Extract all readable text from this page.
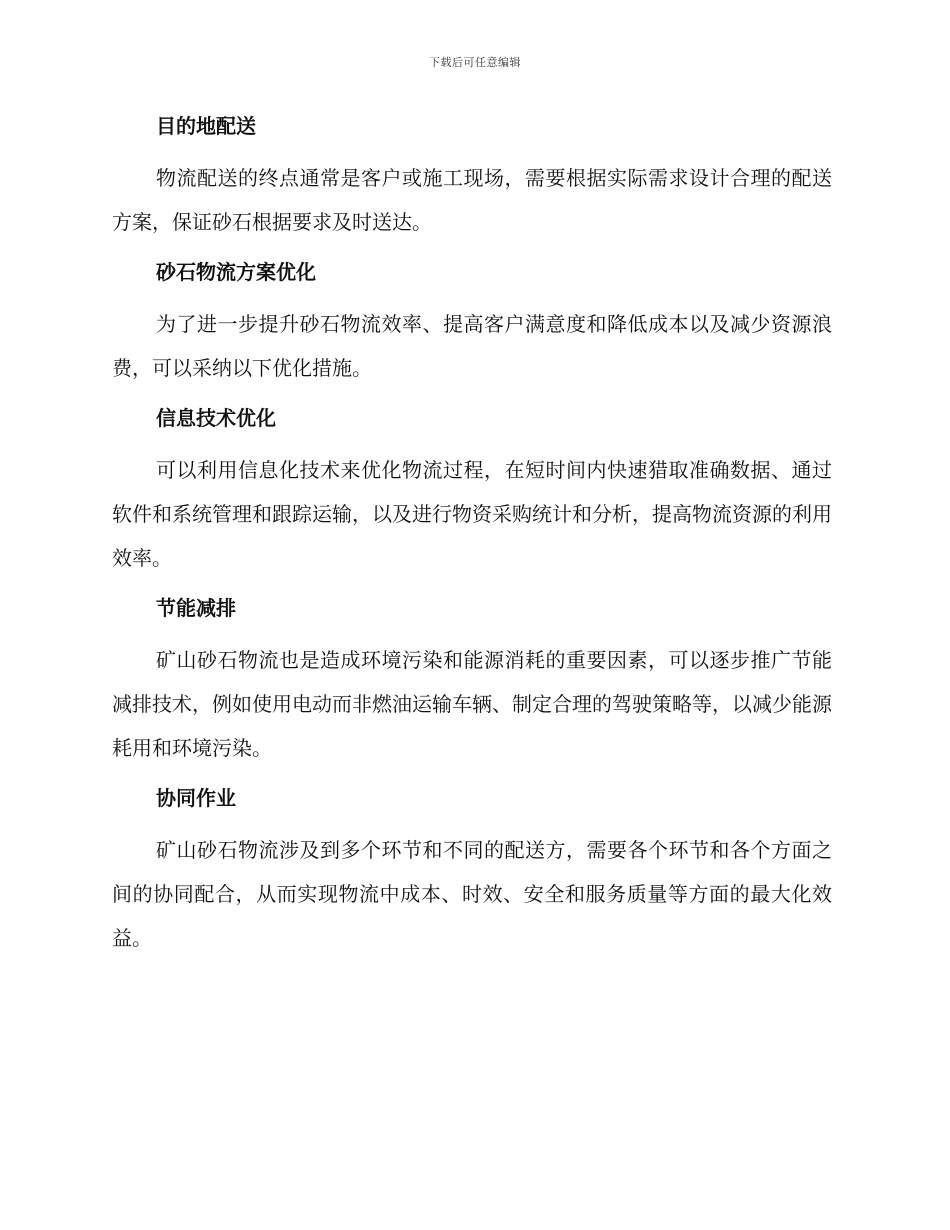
下载后可任意编辑
目的地配送

物流配送的终点通常是客户或施工现场，需要根据实际需求设计合理的配送方案，保证砂石根据要求及时送达。

砂石物流方案优化

为了进一步提升砂石物流效率、提高客户满意度和降低成本以及减少资源浪费，可以采纳以下优化措施。

信息技术优化

可以利用信息化技术来优化物流过程，在短时间内快速猎取准确数据、通过软件和系统管理和跟踪运输，以及进行物资采购统计和分析，提高物流资源的利用效率。

节能减排

矿山砂石物流也是造成环境污染和能源消耗的重要因素，可以逐步推广节能减排技术，例如使用电动而非燃油运输车辆、制定合理的驾驶策略等，以减少能源耗用和环境污染。

协同作业

矿山砂石物流涉及到多个环节和不同的配送方，需要各个环节和各个方面之间的协同配合，从而实现物流中成本、时效、安全和服务质量等方面的最大化效益。
